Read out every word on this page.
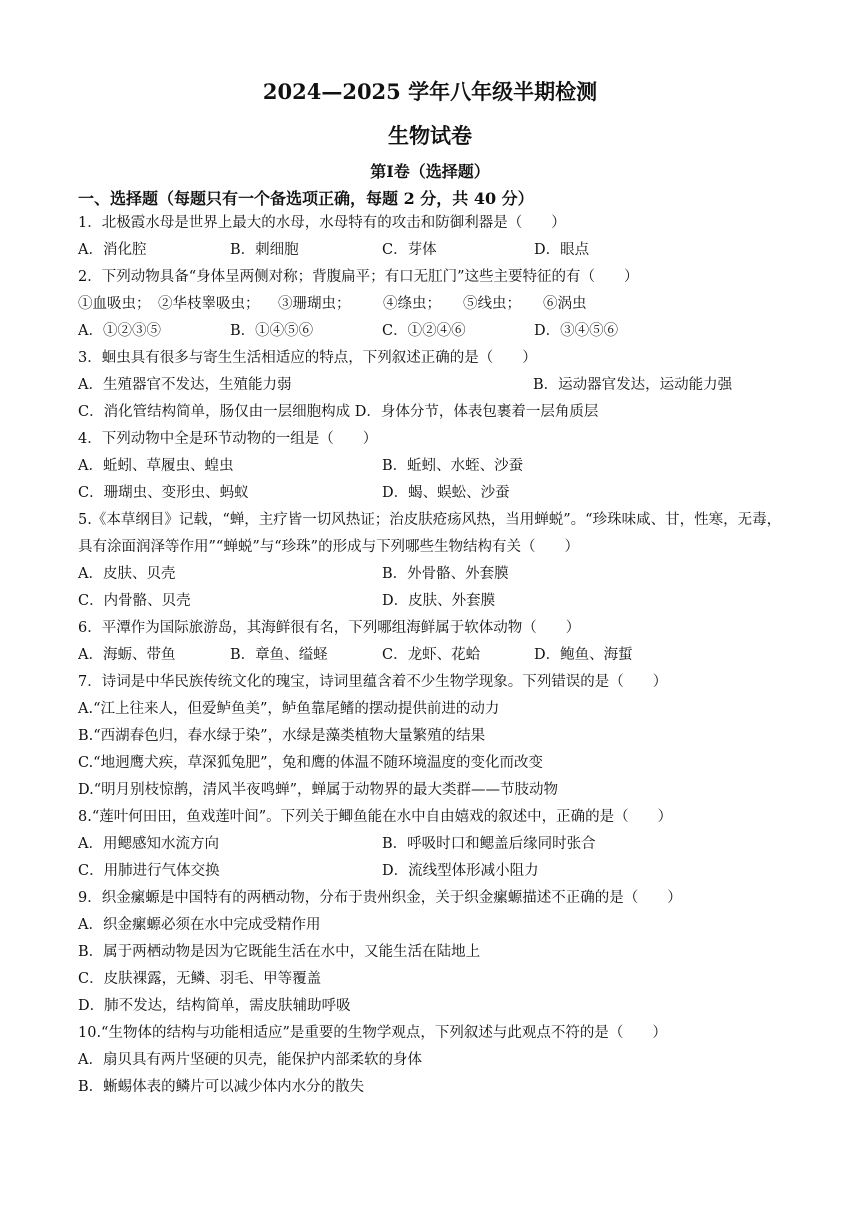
2024—2025 学年八年级半期检测
生物试卷
第Ⅰ卷（选择题）
一、选择题（每题只有一个备选项正确，每题 2 分，共 40 分）

1．北极霞水母是世界上最大的水母，水母特有的攻击和防御利器是（　　）

A．消化腔	B．刺细胞	C．芽体	D．眼点

2．下列动物具备“身体呈两侧对称；背腹扁平；有口无肛门”这些主要特征的有（　　）

①血吸虫； ②华枝睾吸虫；	③珊瑚虫；	④绦虫；	⑤线虫；	⑥涡虫
A．①②③⑤	B．①④⑤⑥	C．①②④⑥	D．③④⑤⑥

3．蛔虫具有很多与寄生生活相适应的特点，下列叙述正确的是（　　）

A．生殖器官不发达，生殖能力弱	B．运动器官发达，运动能力强

C．消化管结构简单，肠仅由一层细胞构成 D．身体分节，体表包裹着一层角质层

4．下列动物中全是环节动物的一组是（　　）

A．蚯蚓、草履虫、蝗虫	B．蚯蚓、水蛭、沙蚕
C．珊瑚虫、变形虫、蚂蚁	D．蝎、蜈蚣、沙蚕

5.《本草纲目》记载，“蝉，主疗皆一切风热证；治皮肤疮疡风热，当用蝉蜕”。“珍珠味咸、甘，性寒，无毒，具有涂面润泽等作用”“蝉蜕”与“珍珠”的形成与下列哪些生物结构有关（　　）

A．皮肤、贝壳	B．外骨骼、外套膜
C．内骨骼、贝壳	D．皮肤、外套膜

6．平潭作为国际旅游岛，其海鲜很有名，下列哪组海鲜属于软体动物（　　）

A．海蛎、带鱼	B．章鱼、缢蛏	C．龙虾、花蛤	D．鲍鱼、海蜇

7．诗词是中华民族传统文化的瑰宝，诗词里蕴含着不少生物学现象。下列错误的是（　　）

A.“江上往来人，但爱鲈鱼美”，鲈鱼靠尾鳍的摆动提供前进的动力

B.“西湖春色归，春水绿于染”，水绿是藻类植物大量繁殖的结果

C.“地迥鹰犬疾，草深狐兔肥”，兔和鹰的体温不随环境温度的变化而改变

D.“明月别枝惊鹊，清风半夜鸣蝉”，蝉属于动物界的最大类群——节肢动物

8.“莲叶何田田，鱼戏莲叶间”。下列关于鲫鱼能在水中自由嬉戏的叙述中，正确的是（　　）

A．用鳃感知水流方向	B．呼吸时口和鳃盖后缘同时张合
C．用肺进行气体交换	D．流线型体形减小阻力

9．织金瘰螈是中国特有的两栖动物，分布于贵州织金，关于织金瘰螈描述不正确的是（　　）

A．织金瘰螈必须在水中完成受精作用

B．属于两栖动物是因为它既能生活在水中，又能生活在陆地上

C．皮肤裸露，无鳞、羽毛、甲等覆盖

D．肺不发达，结构简单，需皮肤辅助呼吸

10.“生物体的结构与功能相适应”是重要的生物学观点，下列叙述与此观点不符的是（　　）

A．扇贝具有两片坚硬的贝壳，能保护内部柔软的身体

B．蜥蜴体表的鳞片可以减少体内水分的散失
